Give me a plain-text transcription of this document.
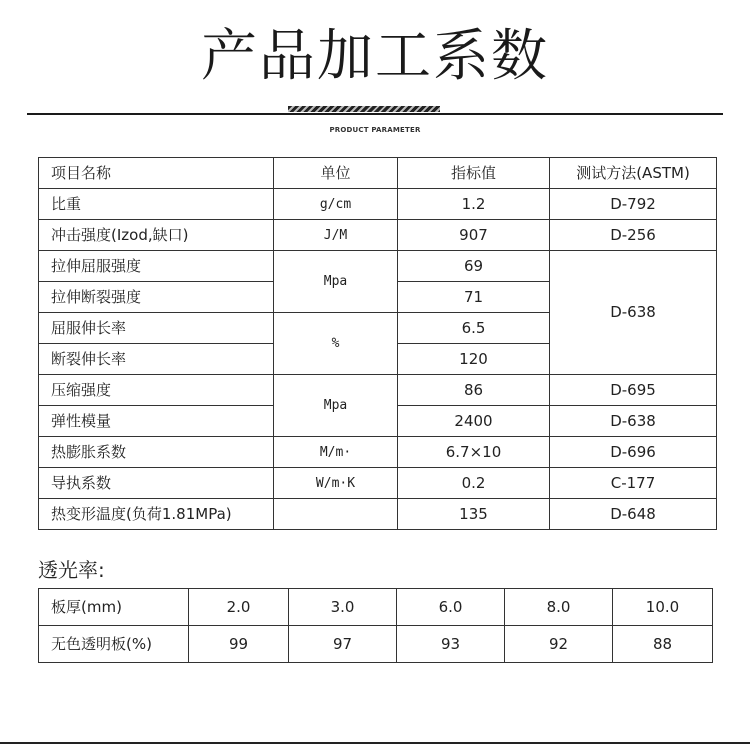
产品加工系数
PRODUCT PARAMETER
项目名称	单位	指标值	测试方法(ASTM)
比重	g/cm	1.2	D-792
冲击强度(Izod,缺口)	J/M	907	D-256
拉伸屈服强度	Mpa	69	D-638
拉伸断裂强度		71	
屈服伸长率	%	6.5	
断裂伸长率		120	
压缩强度	Mpa	86	D-695
弹性模量		2400	D-638
热膨胀系数	M/m·	6.7×10	D-696
导执系数	W/m·K	0.2	C-177
热变形温度(负荷1.81MPa)		135	D-648
透光率:
板厚(mm)	2.0	3.0	6.0	8.0	10.0
无色透明板(%)	99	97	93	92	88
